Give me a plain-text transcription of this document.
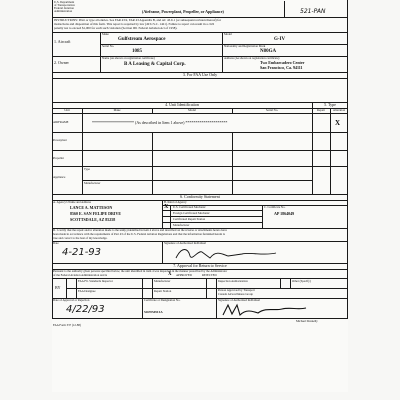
U.S. Department
of Transportation
Federal Aviation
Administration	(Airframe, Powerplant, Propeller, or Appliance)	521-PAN
INSTRUCTIONS: Print or type all entries. See FAR 43.9, FAR 43 Appendix B, and AC 43.9-1 (or subsequent revision thereof) for
instructions and disposition of this form. This report is required by law (49 U.S.C. 1421). Failure to report can result in a civil
penalty not to exceed $1,000 for each such violation (Section 901 Federal Aviation Act of 1958).
1. Aircraft
Make
Gulfstream Aerospace
Model
G-IV
Serial No.
1085
Nationality and Registration Mark
N80GA
2. Owner
Name (As shown on registration certificate)
B A Leasing & Capital Corp.
Address (As shown on registration certificate)
Two Embarcadero Center
San Francisco, Ca. 94111
3. For FAA Use Only
4. Unit Identification	5. Type
Unit	Make	Model	Serial No.	Repair	Alteration
AIRFRAME	********************* (As described in Item 1 above) *********************	X
Powerplant
Propeller
Appliance
Type
Manufacturer
6. Conformity Statement
A. Agency's Name and Address
LANCE A. MATTESON
8560 E. SAN FELIPE DRIVE
SCOTTSDALE, AZ 85258
B. Kind of Agency
X U.S. Certificated Mechanic
Foreign Certificated Mechanic
Certificated Repair Station
Manufacturer
C. Certificate No.
AP 1864049
D. I certify that the repair and/or alteration made to the unit(s) identified in item 4 above and described on the reverse or attachments hereto have
been made in accordance with the requirements of Part 43 of the U.S. Federal Aviation Regulations and that the information furnished herein is
true and correct to the best of my knowledge.
Date
4-21-93
Signature of Authorized Individual
7. Approval for Return to Service
Pursuant to the authority given persons specified below, the unit identified in item 4 was inspected in the manner prescribed by the Administrator
of the Federal Aviation Administration and is	X APPROVED	REJECTED
BY
FAA Flt. Standards Inspector	Manufacturer	Inspection Authorization	Other (Specify)
FAA Designee	Repair Station	Person Approved by Transport
Canada Airworthiness Group
Date of Approval or Rejection
4/22/93
Certificate or Designation No.
526705494 IA
Signature of Authorized Individual
Michael Donnelly
FAA Form 337 (12-88)
